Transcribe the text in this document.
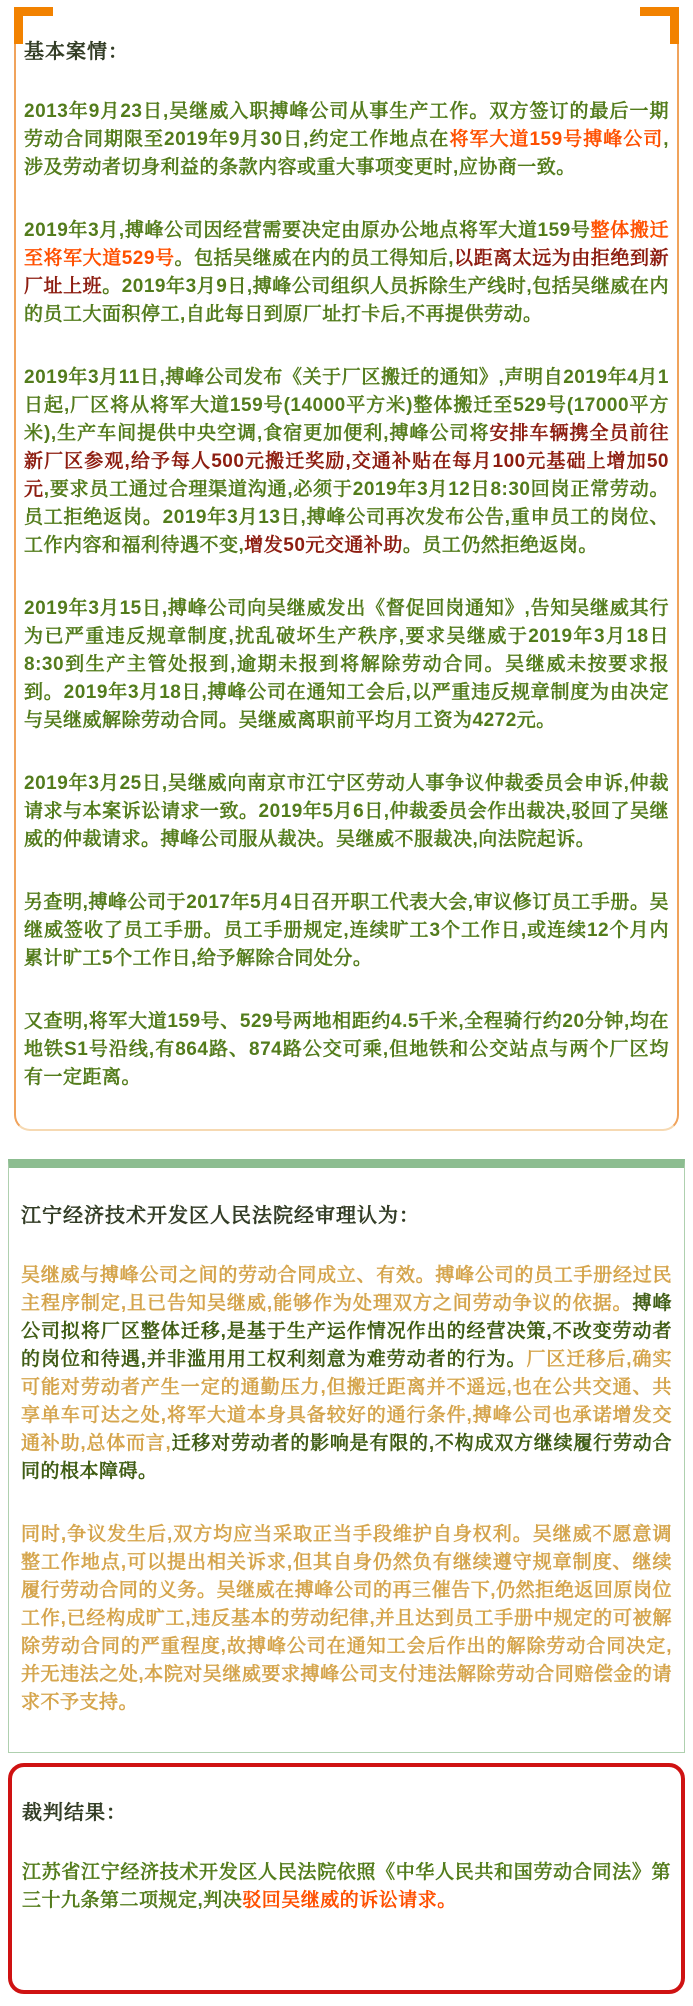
基本案情：

2013年9月23日,吴继威入职搏峰公司从事生产工作。双方签订的最后一期劳动合同期限至2019年9月30日,约定工作地点在将军大道159号搏峰公司,涉及劳动者切身利益的条款内容或重大事项变更时,应协商一致。

2019年3月,搏峰公司因经营需要决定由原办公地点将军大道159号整体搬迁至将军大道529号。包括吴继威在内的员工得知后,以距离太远为由拒绝到新厂址上班。2019年3月9日,搏峰公司组织人员拆除生产线时,包括吴继威在内的员工大面积停工,自此每日到原厂址打卡后,不再提供劳动。

2019年3月11日,搏峰公司发布《关于厂区搬迁的通知》,声明自2019年4月1日起,厂区将从将军大道159号(14000平方米)整体搬迁至529号(17000平方米),生产车间提供中央空调,食宿更加便利,搏峰公司将安排车辆携全员前往新厂区参观,给予每人500元搬迁奖励,交通补贴在每月100元基础上增加50元,要求员工通过合理渠道沟通,必须于2019年3月12日8:30回岗正常劳动。员工拒绝返岗。2019年3月13日,搏峰公司再次发布公告,重申员工的岗位、工作内容和福利待遇不变,增发50元交通补助。员工仍然拒绝返岗。

2019年3月15日,搏峰公司向吴继威发出《督促回岗通知》,告知吴继威其行为已严重违反规章制度,扰乱破坏生产秩序,要求吴继威于2019年3月18日8:30到生产主管处报到,逾期未报到将解除劳动合同。吴继威未按要求报到。2019年3月18日,搏峰公司在通知工会后,以严重违反规章制度为由决定与吴继威解除劳动合同。吴继威离职前平均月工资为4272元。

2019年3月25日,吴继威向南京市江宁区劳动人事争议仲裁委员会申诉,仲裁请求与本案诉讼请求一致。2019年5月6日,仲裁委员会作出裁决,驳回了吴继威的仲裁请求。搏峰公司服从裁决。吴继威不服裁决,向法院起诉。

另查明,搏峰公司于2017年5月4日召开职工代表大会,审议修订员工手册。吴继威签收了员工手册。员工手册规定,连续旷工3个工作日,或连续12个月内累计旷工5个工作日,给予解除合同处分。

又查明,将军大道159号、529号两地相距约4.5千米,全程骑行约20分钟,均在地铁S1号沿线,有864路、874路公交可乘,但地铁和公交站点与两个厂区均有一定距离。

江宁经济技术开发区人民法院经审理认为：

吴继威与搏峰公司之间的劳动合同成立、有效。搏峰公司的员工手册经过民主程序制定,且已告知吴继威,能够作为处理双方之间劳动争议的依据。搏峰公司拟将厂区整体迁移,是基于生产运作情况作出的经营决策,不改变劳动者的岗位和待遇,并非滥用用工权利刻意为难劳动者的行为。厂区迁移后,确实可能对劳动者产生一定的通勤压力,但搬迁距离并不遥远,也在公共交通、共享单车可达之处,将军大道本身具备较好的通行条件,搏峰公司也承诺增发交通补助,总体而言,迁移对劳动者的影响是有限的,不构成双方继续履行劳动合同的根本障碍。

同时,争议发生后,双方均应当采取正当手段维护自身权利。吴继威不愿意调整工作地点,可以提出相关诉求,但其自身仍然负有继续遵守规章制度、继续履行劳动合同的义务。吴继威在搏峰公司的再三催告下,仍然拒绝返回原岗位工作,已经构成旷工,违反基本的劳动纪律,并且达到员工手册中规定的可被解除劳动合同的严重程度,故搏峰公司在通知工会后作出的解除劳动合同决定,并无违法之处,本院对吴继威要求搏峰公司支付违法解除劳动合同赔偿金的请求不予支持。

裁判结果：

江苏省江宁经济技术开发区人民法院依照《中华人民共和国劳动合同法》第三十九条第二项规定,判决驳回吴继威的诉讼请求。
